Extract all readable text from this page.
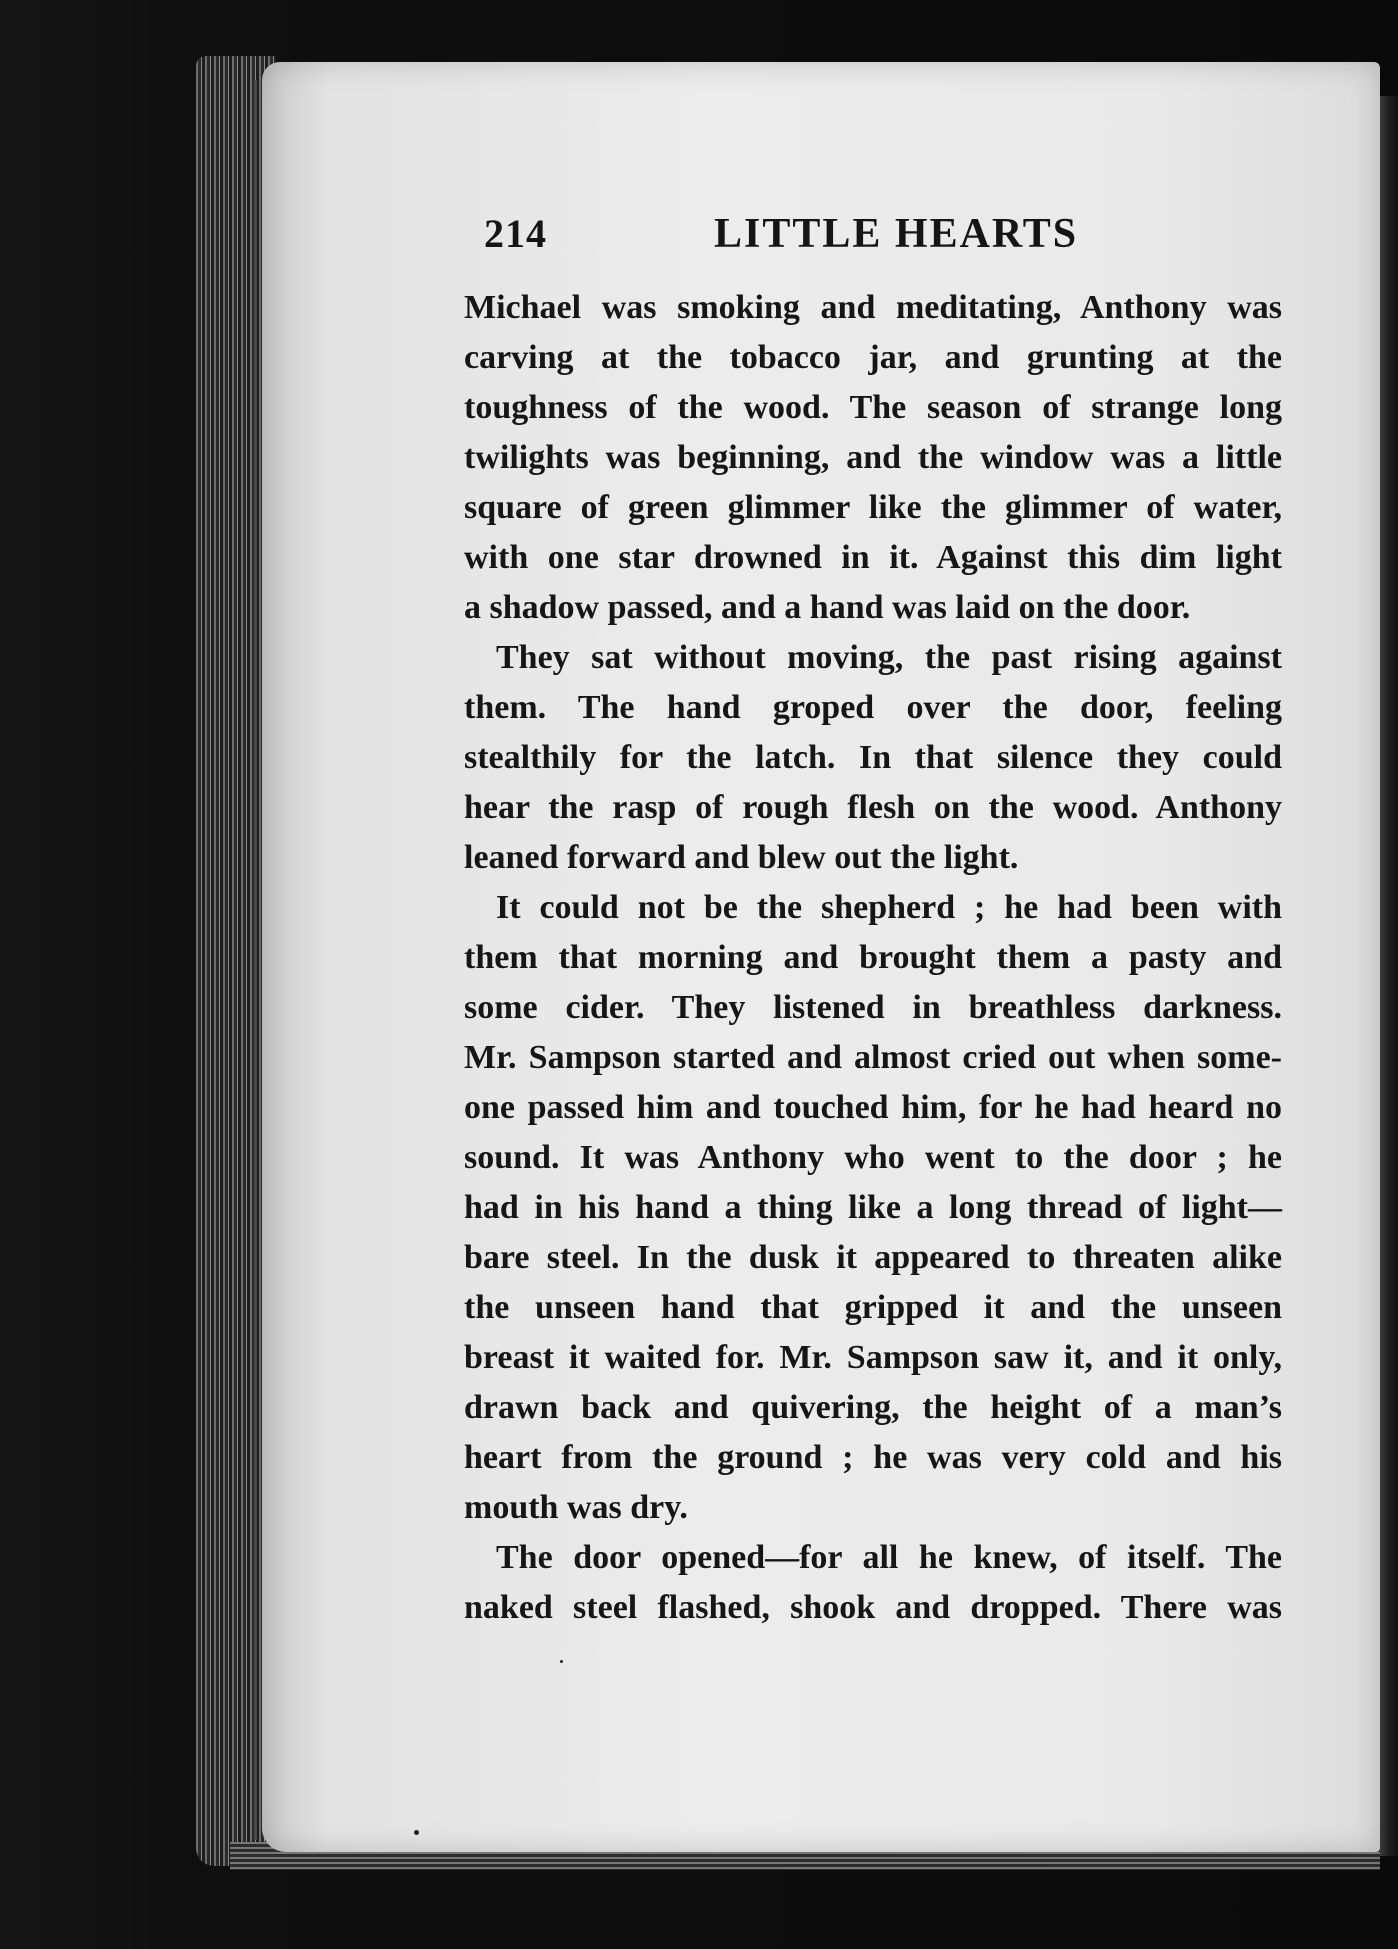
214	LITTLE HEARTS
Michael was smoking and meditating, Anthony was
carving at the tobacco jar, and grunting at the
toughness of the wood. The season of strange long
twilights was beginning, and the window was a little
square of green glimmer like the glimmer of water,
with one star drowned in it. Against this dim light
a shadow passed, and a hand was laid on the door.
They sat without moving, the past rising against
them. The hand groped over the door, feeling
stealthily for the latch. In that silence they could
hear the rasp of rough flesh on the wood. Anthony
leaned forward and blew out the light.
It could not be the shepherd ; he had been with
them that morning and brought them a pasty and
some cider. They listened in breathless darkness.
Mr. Sampson started and almost cried out when some-
one passed him and touched him, for he had heard no
sound. It was Anthony who went to the door ; he
had in his hand a thing like a long thread of light—
bare steel. In the dusk it appeared to threaten alike
the unseen hand that gripped it and the unseen
breast it waited for. Mr. Sampson saw it, and it only,
drawn back and quivering, the height of a man’s
heart from the ground ; he was very cold and his
mouth was dry.
The door opened—for all he knew, of itself. The
naked steel flashed, shook and dropped. There was
